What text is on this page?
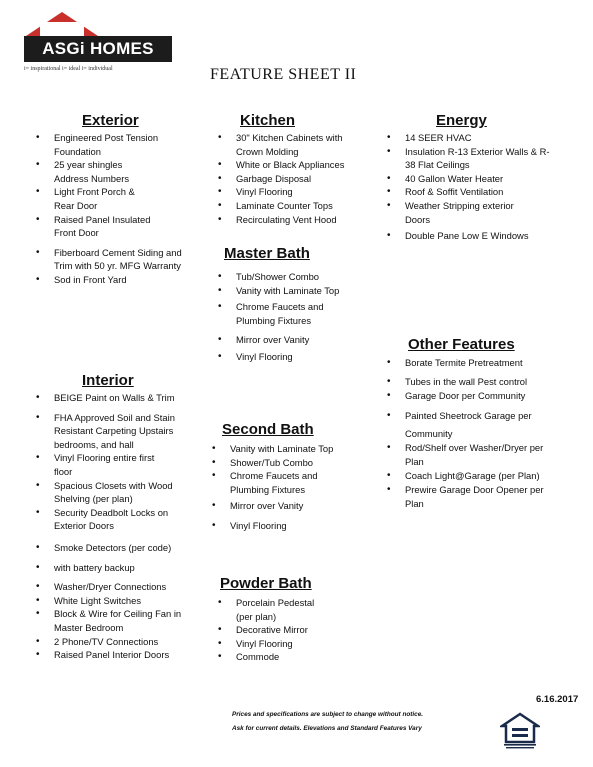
ASGi HOMES
i= inspirational i= ideal i= individual	FEATURE SHEET II
Exterior
• Engineered Post Tension Foundation
• 25 year shingles
Address Numbers
• Light Front Porch & Rear Door
• Raised Panel Insulated Front Door
• Fiberboard Cement Siding and Trim with 50 yr. MFG Warranty
• Sod in Front Yard
Kitchen
• 30" Kitchen Cabinets with Crown Molding
• White or Black Appliances
• Garbage Disposal
• Vinyl Flooring
• Laminate Counter Tops
• Recirculating Vent Hood
Energy
• 14 SEER HVAC
• Insulation R-13 Exterior Walls & R-38 Flat Ceilings
• 40 Gallon Water Heater
• Roof & Soffit Ventilation
• Weather Stripping exterior Doors
• Double Pane Low E Windows
Master Bath
• Tub/Shower Combo
• Vanity with Laminate Top
• Chrome Faucets and Plumbing Fixtures
• Mirror over Vanity
• Vinyl Flooring
Other Features
• Borate Termite Pretreatment
• Tubes in the wall Pest control
• Garage Door per Community
• Painted Sheetrock Garage per
Community
• Rod/Shelf over Washer/Dryer per Plan
• Coach Light@Garage (per Plan)
• Prewire Garage Door Opener per Plan
Interior
• BEIGE Paint on Walls & Trim
• FHA Approved Soil and Stain Resistant Carpeting Upstairs bedrooms, and hall
• Vinyl Flooring entire first floor
• Spacious Closets with Wood Shelving (per plan)
• Security Deadbolt Locks on Exterior Doors
• Smoke Detectors (per code)
• with battery backup
• Washer/Dryer Connections
• White Light Switches
• Block & Wire for Ceiling Fan in Master Bedroom
• 2 Phone/TV Connections
• Raised Panel Interior Doors
Second Bath
• Vanity with Laminate Top
• Shower/Tub Combo
• Chrome Faucets and Plumbing Fixtures
• Mirror over Vanity
• Vinyl Flooring
Powder Bath
• Porcelain Pedestal (per plan)
• Decorative Mirror
• Vinyl Flooring
• Commode
6.16.2017
Prices and specifications are subject to change without notice.
Ask for current details. Elevations and Standard Features Vary
